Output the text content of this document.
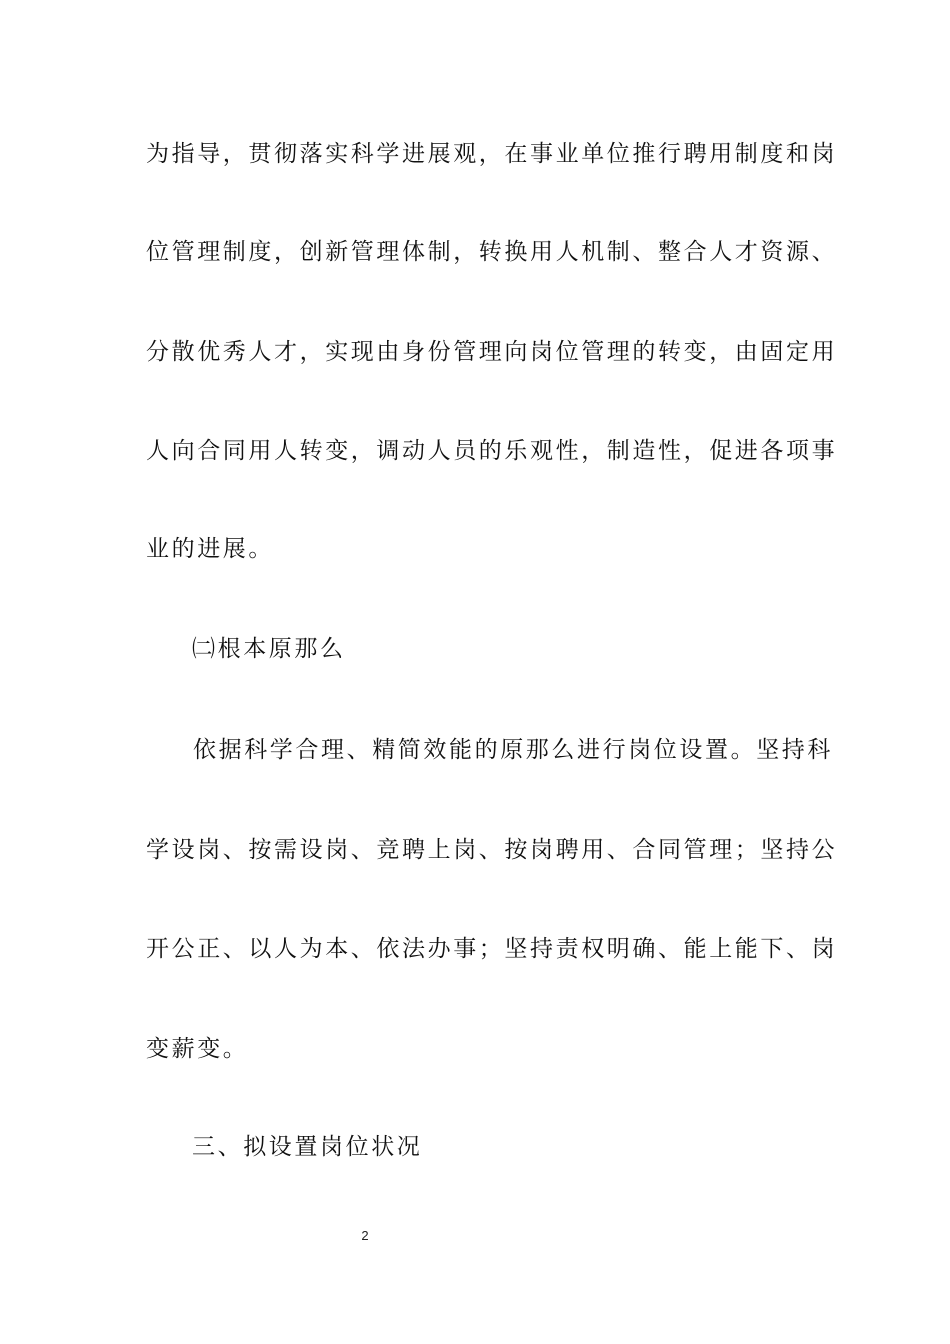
为指导，贯彻落实科学进展观，在事业单位推行聘用制度和岗
位管理制度，创新管理体制，转换用人机制、整合人才资源、
分散优秀人才，实现由身份管理向岗位管理的转变，由固定用
人向合同用人转变，调动人员的乐观性，制造性，促进各项事
业的进展。
㈡根本原那么
依据科学合理、精简效能的原那么进行岗位设置。坚持科
学设岗、按需设岗、竞聘上岗、按岗聘用、合同管理；坚持公
开公正、以人为本、依法办事；坚持责权明确、能上能下、岗
变薪变。
三、拟设置岗位状况
2
